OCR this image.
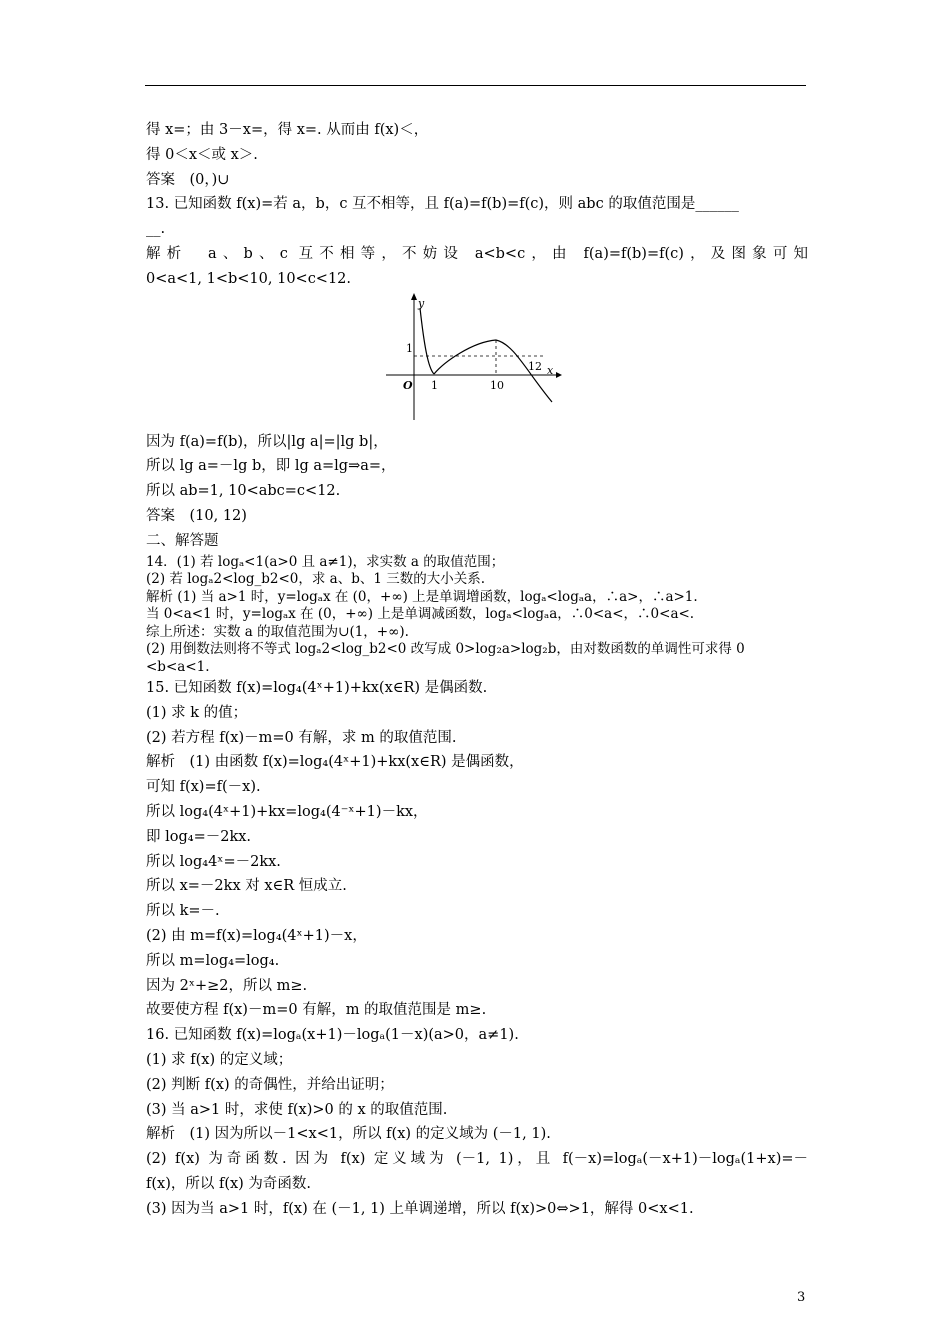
得 x=；由 3－x=，得 x=. 从而由 f(x)＜，
得 0＜x＜或 x＞.
答案　(0，)∪
13. 已知函数 f(x)=若 a，b，c 互不相等，且 f(a)=f(b)=f(c)，则 abc 的取值范围是______
__.
解析　a、b、c 互不相等，不妨设 a<b<c，由 f(a)=f(b)=f(c)，及图象可知
0<a<1, 1<b<10, 10<c<12.
y
x
O
1
1	10
12
因为 f(a)=f(b)，所以|lg a|=|lg b|，
所以 lg a=－lg b，即 lg a=lg⇒a=，
所以 ab=1, 10<abc=c<12.
答案　(10, 12)
二、解答题
14．(1) 若 logₐ<1(a>0 且 a≠1)，求实数 a 的取值范围；
(2) 若 logₐ2<log_b2<0，求 a、b、1 三数的大小关系.
解析 (1) 当 a>1 时，y=logₐx 在 (0，+∞) 上是单调增函数，logₐ<logₐa，∴a>，∴a>1.
当 0<a<1 时，y=logₐx 在 (0，+∞) 上是单调减函数，logₐ<logₐa，∴0<a<，∴0<a<.
综上所述：实数 a 的取值范围为∪(1，+∞).
(2) 用倒数法则将不等式 logₐ2<log_b2<0 改写成 0>log₂a>log₂b，由对数函数的单调性可求得 0
<b<a<1.
15. 已知函数 f(x)=log₄(4ˣ+1)+kx(x∈R) 是偶函数.
(1) 求 k 的值；
(2) 若方程 f(x)－m=0 有解，求 m 的取值范围.
解析　(1) 由函数 f(x)=log₄(4ˣ+1)+kx(x∈R) 是偶函数，
可知 f(x)=f(－x).
所以 log₄(4ˣ+1)+kx=log₄(4⁻ˣ+1)－kx，
即 log₄=－2kx.
所以 log₄4ˣ=－2kx.
所以 x=－2kx 对 x∈R 恒成立.
所以 k=－.
(2) 由 m=f(x)=log₄(4ˣ+1)－x，
所以 m=log₄=log₄.
因为 2ˣ+≥2，所以 m≥.
故要使方程 f(x)－m=0 有解，m 的取值范围是 m≥.
16. 已知函数 f(x)=logₐ(x+1)－logₐ(1－x)(a>0，a≠1).
(1) 求 f(x) 的定义域；
(2) 判断 f(x) 的奇偶性，并给出证明；
(3) 当 a>1 时，求使 f(x)>0 的 x 的取值范围.
解析　(1) 因为所以－1<x<1，所以 f(x) 的定义域为 (－1, 1).
(2) f(x) 为奇函数. 因为 f(x) 定义域为 (－1, 1)，且 f(－x)=logₐ(－x+1)－logₐ(1+x)=－
f(x)，所以 f(x) 为奇函数.
(3) 因为当 a>1 时，f(x) 在 (－1, 1) 上单调递增，所以 f(x)>0⇔>1，解得 0<x<1.
3
